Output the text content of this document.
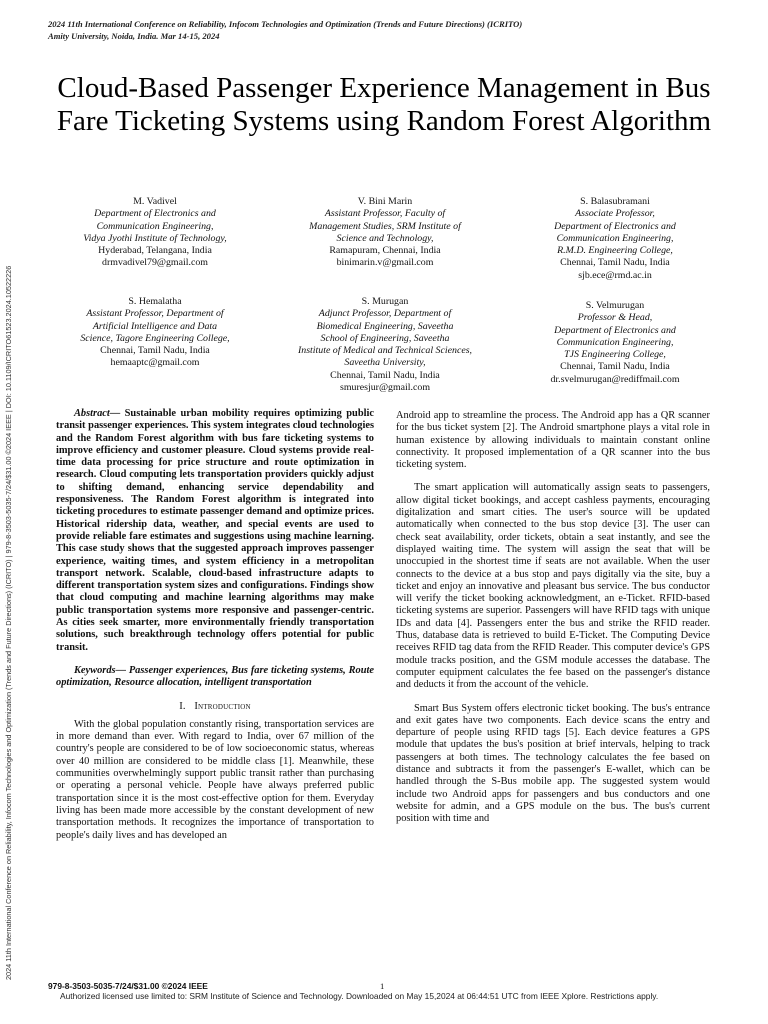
2024 11th International Conference on Reliability, Infocom Technologies and Optimization (Trends and Future Directions) (ICRITO)
Amity University, Noida, India. Mar 14-15, 2024
2024 11th International Conference on Reliability, Infocom Technologies and Optimization (Trends and Future Directions) (ICRITO) | 979-8-3503-5035-7/24/$31.00 ©2024 IEEE | DOI: 10.1109/ICRITO61523.2024.10522226
Cloud-Based Passenger Experience Management in Bus Fare Ticketing Systems using Random Forest Algorithm
M. Vadivel
Department of Electronics and
Communication Engineering,
Vidya Jyothi Institute of Technology,
Hyderabad, Telangana, India
drmvadivel79@gmail.com
V. Bini Marin
Assistant Professor, Faculty of
Management Studies, SRM Institute of
Science and Technology,
Ramapuram, Chennai, India
binimarin.v@gmail.com
S. Balasubramani
Associate Professor,
Department of Electronics and
Communication Engineering,
R.M.D. Engineering College,
Chennai, Tamil Nadu, India
sjb.ece@rmd.ac.in
S. Hemalatha
Assistant Professor, Department of
Artificial Intelligence and Data
Science, Tagore Engineering College,
Chennai, Tamil Nadu, India
hemaaptc@gmail.com
S. Murugan
Adjunct Professor, Department of
Biomedical Engineering, Saveetha
School of Engineering, Saveetha
Institute of Medical and Technical Sciences, Saveetha University,
Chennai, Tamil Nadu, India
smuresjur@gmail.com
S. Velmurugan
Professor & Head,
Department of Electronics and
Communication Engineering,
TJS Engineering College,
Chennai, Tamil Nadu, India
dr.svelmurugan@rediffmail.com

Abstract— Sustainable urban mobility requires optimizing public transit passenger experiences. This system integrates cloud technologies and the Random Forest algorithm with bus fare ticketing systems to improve efficiency and customer pleasure. Cloud systems provide real-time data processing for price structure and route optimization in research. Cloud computing lets transportation providers quickly adjust to shifting demand, enhancing service dependability and responsiveness. The Random Forest algorithm is integrated into ticketing procedures to estimate passenger demand and optimize prices. Historical ridership data, weather, and special events are used to provide reliable fare estimates and suggestions using machine learning. This case study shows that the suggested approach improves passenger experience, waiting times, and system efficiency in a metropolitan transport network. Scalable, cloud-based infrastructure adapts to different transportation system sizes and configurations. Findings show that cloud computing and machine learning algorithms may make public transportation systems more responsive and passenger-centric. As cities seek smarter, more environmentally friendly transportation solutions, such breakthrough technology offers potential for public transit.

Keywords— Passenger experiences, Bus fare ticketing systems, Route optimization, Resource allocation, intelligent transportation

I. Introduction

With the global population constantly rising, transportation services are in more demand than ever. With regard to India, over 67 million of the country's people are considered to be of low socioeconomic status, whereas over 40 million are considered to be middle class [1]. Meanwhile, these communities overwhelmingly support public transit rather than purchasing or operating a personal vehicle. People have always preferred public transportation since it is the most cost-effective option for them. Everyday living has been made more accessible by the constant development of new transportation methods. It recognizes the importance of transportation to people's daily lives and has developed an

Android app to streamline the process. The Android app has a QR scanner for the bus ticket system [2]. The Android smartphone plays a vital role in human existence by allowing individuals to maintain constant online connectivity. It proposed implementation of a QR scanner into the bus ticketing system.

The smart application will automatically assign seats to passengers, allow digital ticket bookings, and accept cashless payments, encouraging digitalization and smart cities. The user's source will be updated automatically when connected to the bus stop device [3]. The user can check seat availability, order tickets, obtain a seat instantly, and see the displayed waiting time. The system will assign the seat that will be unoccupied in the shortest time if seats are not available. When the user connects to the device at a bus stop and pays digitally via the site, buy a ticket and enjoy an innovative and pleasant bus service. The bus conductor will verify the ticket booking acknowledgment, an e-Ticket. RFID-based ticketing systems are superior. Passengers will have RFID tags with unique IDs and data [4]. Passengers enter the bus and strike the RFID reader. Thus, database data is retrieved to build E-Ticket. The Computing Device receives RFID tag data from the RFID Reader. This computer device's GPS module tracks position, and the GSM module accesses the database. The computer equipment calculates the fee based on the passenger's distance and deducts it from the account of the vehicle.

Smart Bus System offers electronic ticket booking. The bus's entrance and exit gates have two components. Each device scans the entry and departure of people using RFID tags [5]. Each device features a GPS module that updates the bus's position at brief intervals, helping to track passengers at both times. The technology calculates the fee based on distance and subtracts it from the passenger's E-wallet, which can be handled through the S-Bus mobile app. The suggested system would include two Android apps for passengers and bus conductors and one website for admin, and a GPS module on the bus. The bus's current position with time and

979-8-3503-5035-7/24/$31.00 ©2024 IEEE	1
Authorized licensed use limited to: SRM Institute of Science and Technology. Downloaded on May 15,2024 at 06:44:51 UTC from IEEE Xplore. Restrictions apply.
